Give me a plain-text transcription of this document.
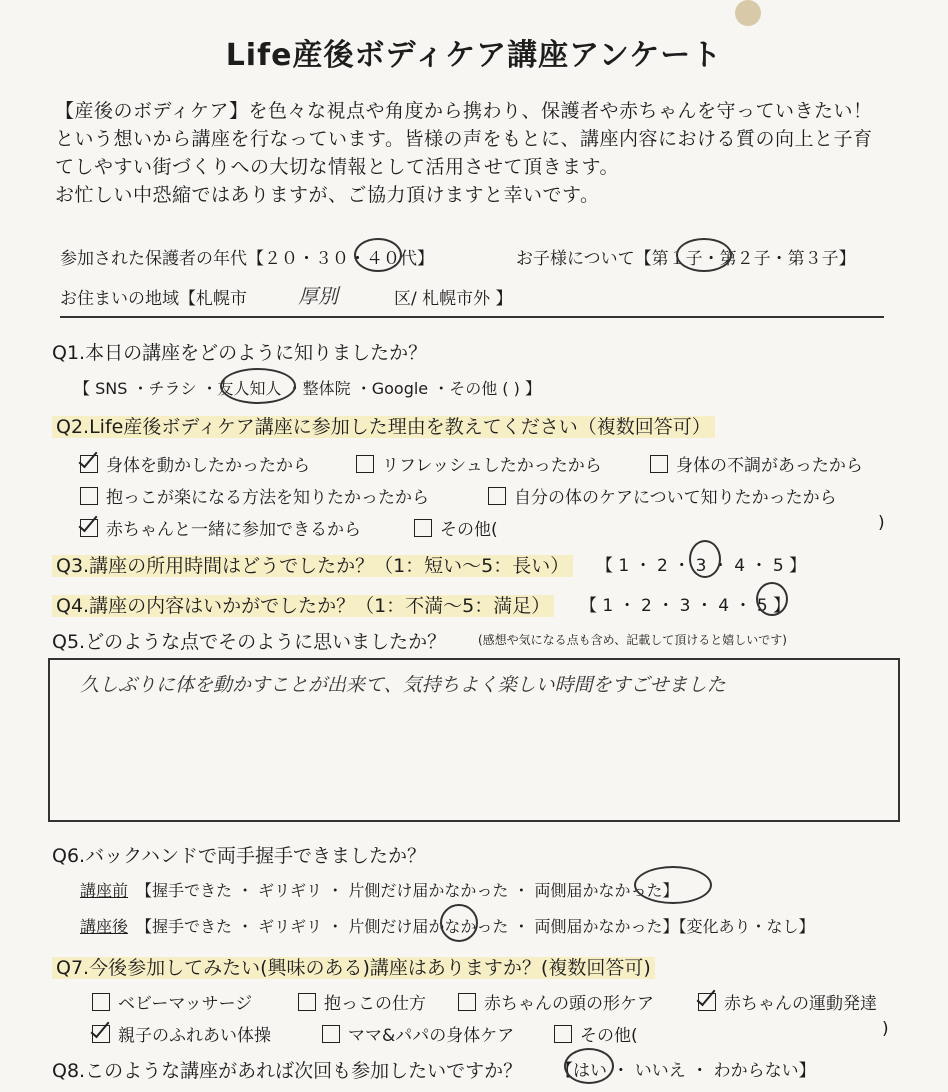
Life産後ボディケア講座アンケート
【産後のボディケア】を色々な視点や角度から携わり、保護者や赤ちゃんを守っていきたい！
という想いから講座を行なっています。皆様の声をもとに、講座内容における質の向上と子育
てしやすい街づくりへの大切な情報として活用させて頂きます。
お忙しい中恐縮ではありますが、ご協力頂けますと幸いです。
参加された保護者の年代【２０・３０・４０代】	お子様について【第１子・第２子・第３子】
お住まいの地域【札幌市	厚別	区/ 札幌市外 】
Q1.本日の講座をどのように知りましたか？
【 SNS ・チラシ ・友人知人 ・整体院 ・Google ・その他 ( ) 】
Q2.Life産後ボディケア講座に参加した理由を教えてください（複数回答可）
身体を動かしたかったから	リフレッシュしたかったから	身体の不調があったから
抱っこが楽になる方法を知りたかったから	自分の体のケアについて知りたかったから
赤ちゃんと一緒に参加できるから	その他(	)
Q3.講座の所用時間はどうでしたか？（1：短い〜5：長い） 【 1 ・ 2 ・ 3 ・ 4 ・ 5 】
Q4.講座の内容はいかがでしたか？（1：不満〜5：満足） 【 1 ・ 2 ・ 3 ・ 4 ・ 5 】
Q5.どのような点でそのように思いましたか？	(感想や気になる点も含め、記載して頂けると嬉しいです)
久しぶりに体を動かすことが出来て、気持ちよく楽しい時間をすごせました
Q6.バックハンドで両手握手できましたか？
講座前 【握手できた ・ ギリギリ ・ 片側だけ届かなかった ・ 両側届かなかった】
講座後 【握手できた ・ ギリギリ ・ 片側だけ届かなかった ・ 両側届かなかった】【変化あり・なし】
Q7.今後参加してみたい(興味のある)講座はありますか？(複数回答可)
ベビーマッサージ	抱っこの仕方	赤ちゃんの頭の形ケア	赤ちゃんの運動発達
親子のふれあい体操	ママ&パパの身体ケア	その他(	)
Q8.このような講座があれば次回も参加したいですか？ 【はい ・ いいえ ・ わからない】
